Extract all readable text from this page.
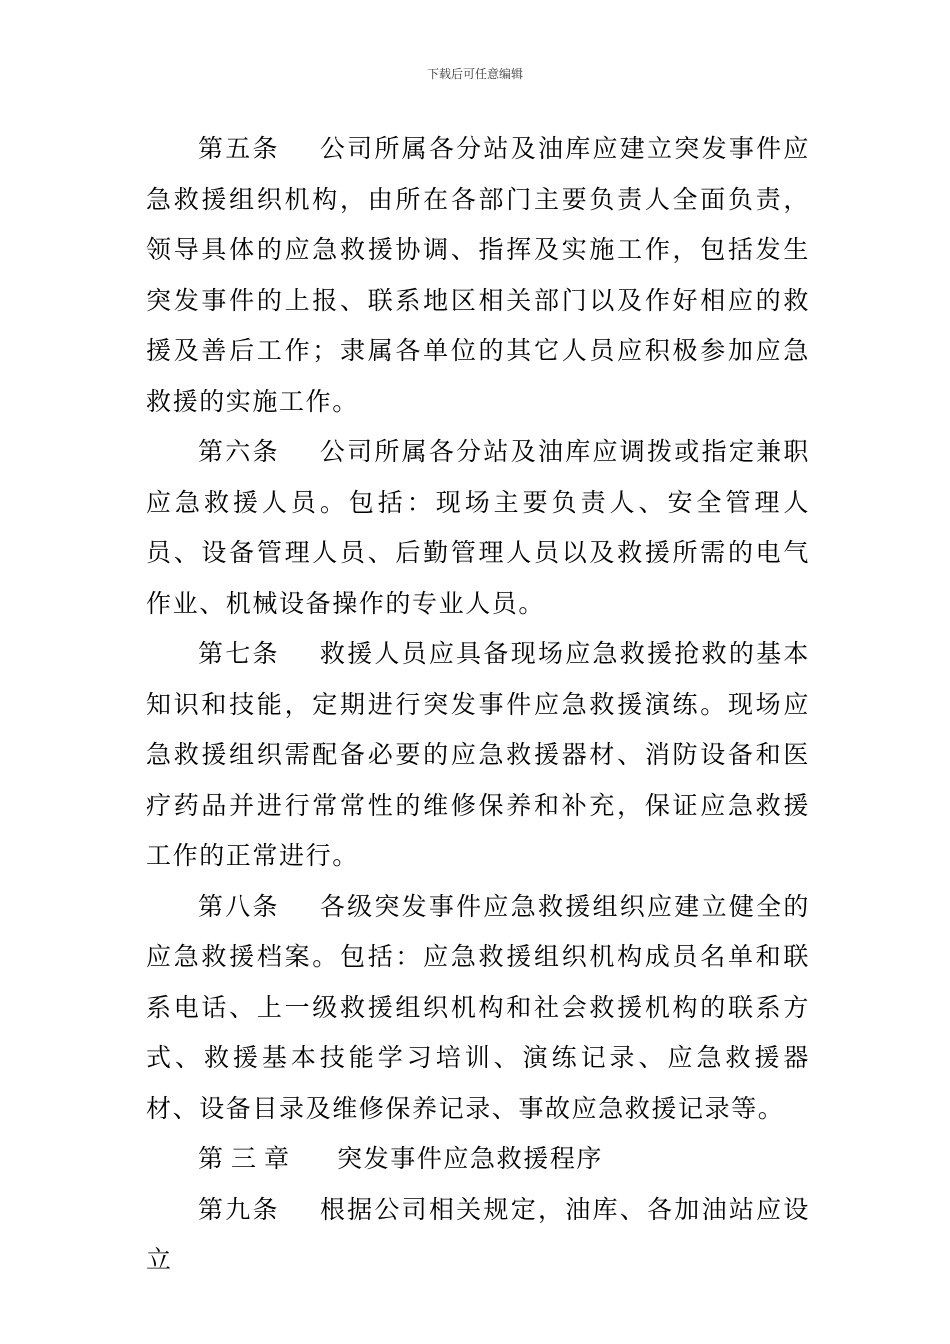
下载后可任意编辑

第五条 公司所属各分站及油库应建立突发事件应急救援组织机构，由所在各部门主要负责人全面负责，领导具体的应急救援协调、指挥及实施工作，包括发生突发事件的上报、联系地区相关部门以及作好相应的救援及善后工作；隶属各单位的其它人员应积极参加应急救援的实施工作。

第六条 公司所属各分站及油库应调拨或指定兼职应急救援人员。包括：现场主要负责人、安全管理人员、设备管理人员、后勤管理人员以及救援所需的电气作业、机械设备操作的专业人员。

第七条 救援人员应具备现场应急救援抢救的基本知识和技能，定期进行突发事件应急救援演练。现场应急救援组织需配备必要的应急救援器材、消防设备和医疗药品并进行常常性的维修保养和补充，保证应急救援工作的正常进行。

第八条 各级突发事件应急救援组织应建立健全的应急救援档案。包括：应急救援组织机构成员名单和联系电话、上一级救援组织机构和社会救援机构的联系方式、救援基本技能学习培训、演练记录、应急救援器材、设备目录及维修保养记录、事故应急救援记录等。

第三章 突发事件应急救援程序

第九条 根据公司相关规定，油库、各加油站应设立
